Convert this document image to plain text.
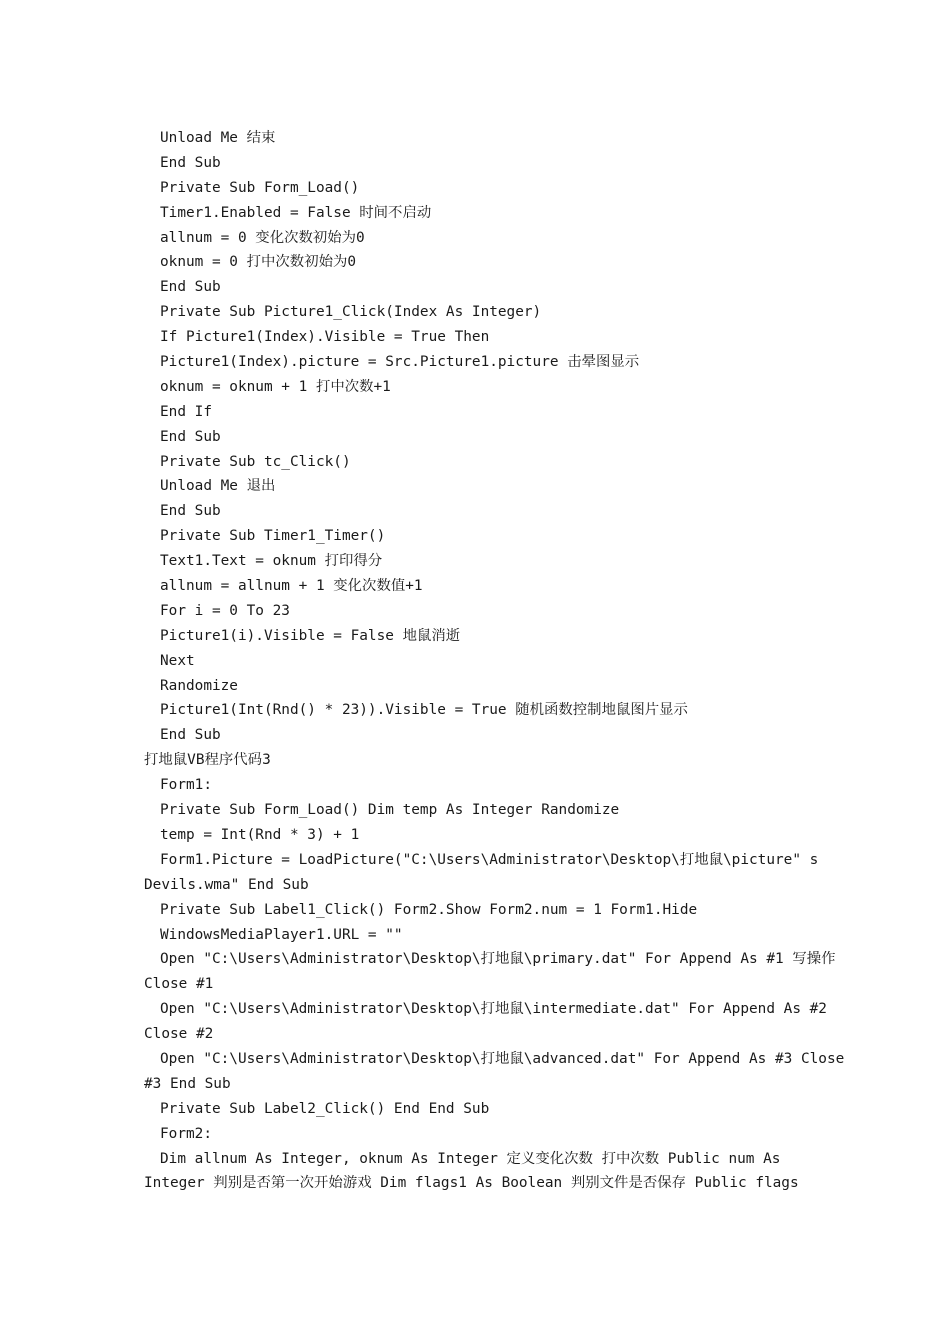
Unload Me 结束
End Sub
Private Sub Form_Load()
Timer1.Enabled = False 时间不启动
allnum = 0 变化次数初始为0
oknum = 0 打中次数初始为0
End Sub
Private Sub Picture1_Click(Index As Integer)
If Picture1(Index).Visible = True Then
Picture1(Index).picture = Src.Picture1.picture 击晕图显示
oknum = oknum + 1 打中次数+1
End If
End Sub
Private Sub tc_Click()
Unload Me 退出
End Sub
Private Sub Timer1_Timer()
Text1.Text = oknum 打印得分
allnum = allnum + 1 变化次数值+1
For i = 0 To 23
Picture1(i).Visible = False 地鼠消逝
Next
Randomize
Picture1(Int(Rnd() * 23)).Visible = True 随机函数控制地鼠图片显示
End Sub
打地鼠VB程序代码3
Form1:
Private Sub Form_Load() Dim temp As Integer Randomize
temp = Int(Rnd * 3) + 1
Form1.Picture = LoadPicture("C:\Users\Administrator\Desktop\打地鼠\picture" s
Devils.wma" End Sub
Private Sub Label1_Click() Form2.Show Form2.num = 1 Form1.Hide
WindowsMediaPlayer1.URL = ""
Open "C:\Users\Administrator\Desktop\打地鼠\primary.dat" For Append As #1 写操作
Close #1
Open "C:\Users\Administrator\Desktop\打地鼠\intermediate.dat" For Append As #2
Close #2
Open "C:\Users\Administrator\Desktop\打地鼠\advanced.dat" For Append As #3 Close
#3 End Sub
Private Sub Label2_Click() End End Sub
Form2:
Dim allnum As Integer, oknum As Integer 定义变化次数 打中次数 Public num As
Integer 判别是否第一次开始游戏 Dim flags1 As Boolean 判别文件是否保存 Public flags
